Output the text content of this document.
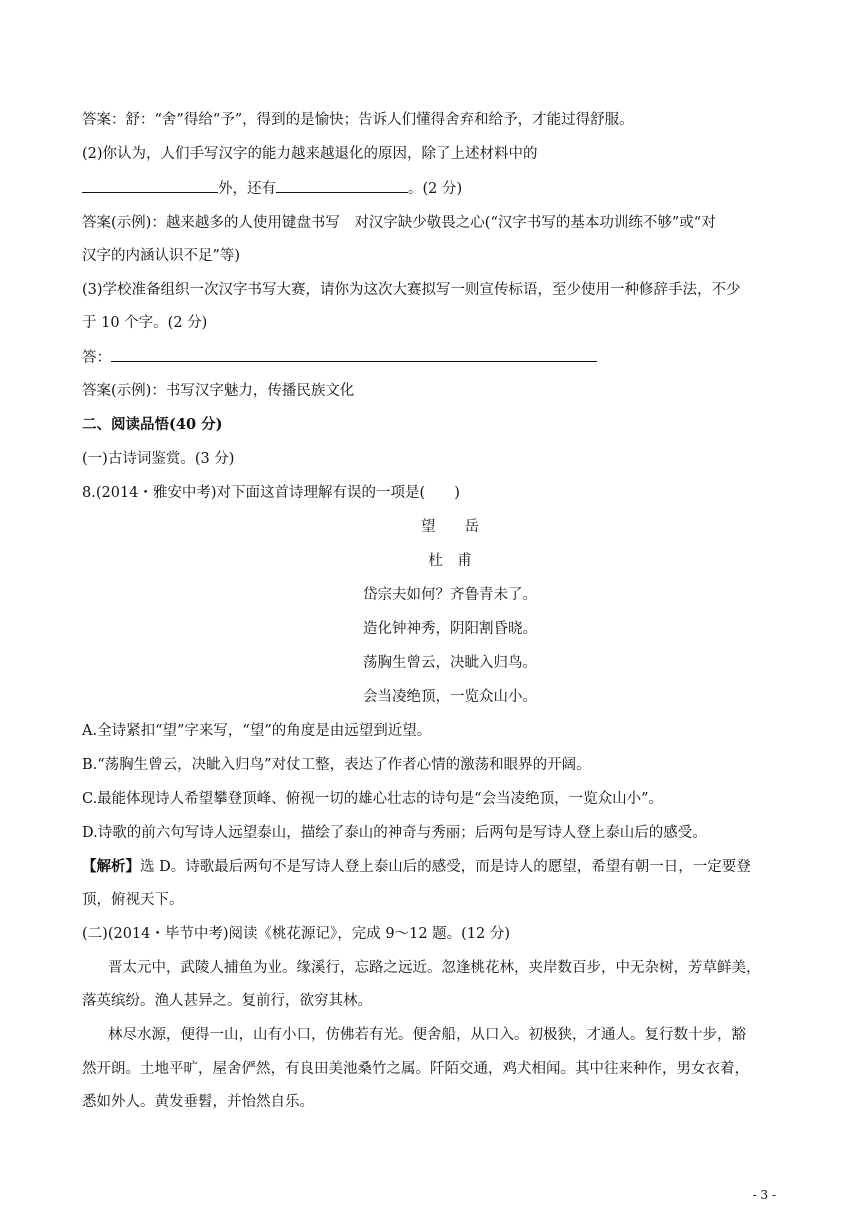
答案：舒：“舍”得给“予”，得到的是愉快；告诉人们懂得舍弃和给予，才能过得舒服。
(2)你认为，人们手写汉字的能力越来越退化的原因，除了上述材料中的
外，还有	。(2 分)
答案(示例)：越来越多的人使用键盘书写　对汉字缺少敬畏之心(“汉字书写的基本功训练不够”或“对
汉字的内涵认识不足”等)
(3)学校准备组织一次汉字书写大赛，请你为这次大赛拟写一则宣传标语，至少使用一种修辞手法，不少
于 10 个字。(2 分)
答：
答案(示例)：书写汉字魅力，传播民族文化
二、阅读品悟(40 分)
(一)古诗词鉴赏。(3 分)
8.(2014・雅安中考)对下面这首诗理解有误的一项是(　　)
望　　岳
杜　甫
岱宗夫如何？齐鲁青未了。
造化钟神秀，阴阳割昏晓。
荡胸生曾云，决眦入归鸟。
会当凌绝顶，一览众山小。
A.全诗紧扣“望”字来写，“望”的角度是由远望到近望。
B.“荡胸生曾云，决眦入归鸟”对仗工整，表达了作者心情的激荡和眼界的开阔。
C.最能体现诗人希望攀登顶峰、俯视一切的雄心壮志的诗句是“会当凌绝顶，一览众山小”。
D.诗歌的前六句写诗人远望泰山，描绘了泰山的神奇与秀丽；后两句是写诗人登上泰山后的感受。
【解析】选 D。诗歌最后两句不是写诗人登上泰山后的感受，而是诗人的愿望，希望有朝一日，一定要登
顶，俯视天下。
(二)(2014・毕节中考)阅读《桃花源记》，完成 9～12 题。(12 分)
晋太元中，武陵人捕鱼为业。缘溪行，忘路之远近。忽逢桃花林，夹岸数百步，中无杂树，芳草鲜美，
落英缤纷。渔人甚异之。复前行，欲穷其林。
林尽水源，便得一山，山有小口，仿佛若有光。便舍船，从口入。初极狭，才通人。复行数十步，豁
然开朗。土地平旷，屋舍俨然，有良田美池桑竹之属。阡陌交通，鸡犬相闻。其中往来种作，男女衣着，
悉如外人。黄发垂髫，并怡然自乐。
- 3 -
